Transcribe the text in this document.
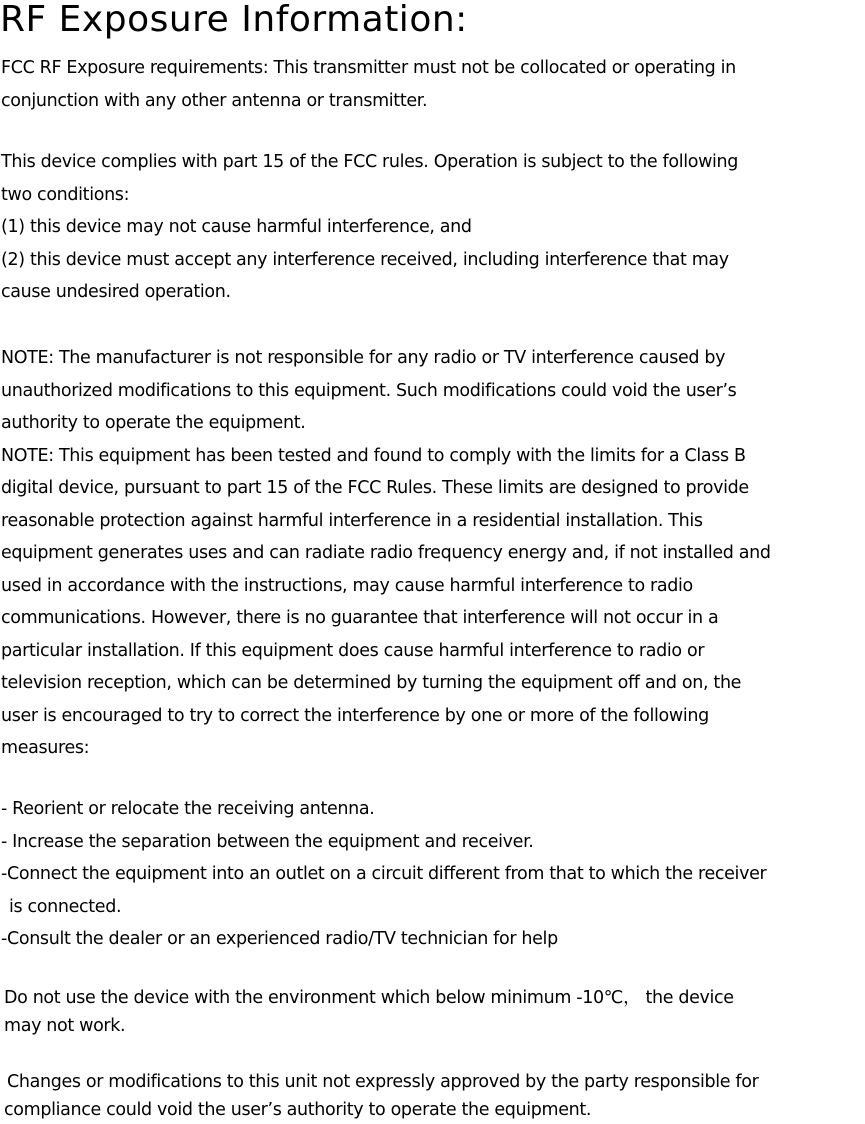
RF Exposure Information:
FCC RF Exposure requirements: This transmitter must not be collocated or operating in
conjunction with any other antenna or transmitter.
This device complies with part 15 of the FCC rules. Operation is subject to the following
two conditions:
(1) this device may not cause harmful interference, and
(2) this device must accept any interference received, including interference that may
cause undesired operation.
NOTE: The manufacturer is not responsible for any radio or TV interference caused by
unauthorized modifications to this equipment. Such modifications could void the user’s
authority to operate the equipment.
NOTE: This equipment has been tested and found to comply with the limits for a Class B
digital device, pursuant to part 15 of the FCC Rules. These limits are designed to provide
reasonable protection against harmful interference in a residential installation. This
equipment generates uses and can radiate radio frequency energy and, if not installed and
used in accordance with the instructions, may cause harmful interference to radio
communications. However, there is no guarantee that interference will not occur in a
particular installation. If this equipment does cause harmful interference to radio or
television reception, which can be determined by turning the equipment off and on, the
user is encouraged to try to correct the interference by one or more of the following
measures:
- Reorient or relocate the receiving antenna.
- Increase the separation between the equipment and receiver.
-Connect the equipment into an outlet on a circuit different from that to which the receiver
is connected.
-Consult the dealer or an experienced radio/TV technician for help
Do not use the device with the environment which below minimum -10℃， the device
may not work.
Changes or modifications to this unit not expressly approved by the party responsible for
compliance could void the user’s authority to operate the equipment.
